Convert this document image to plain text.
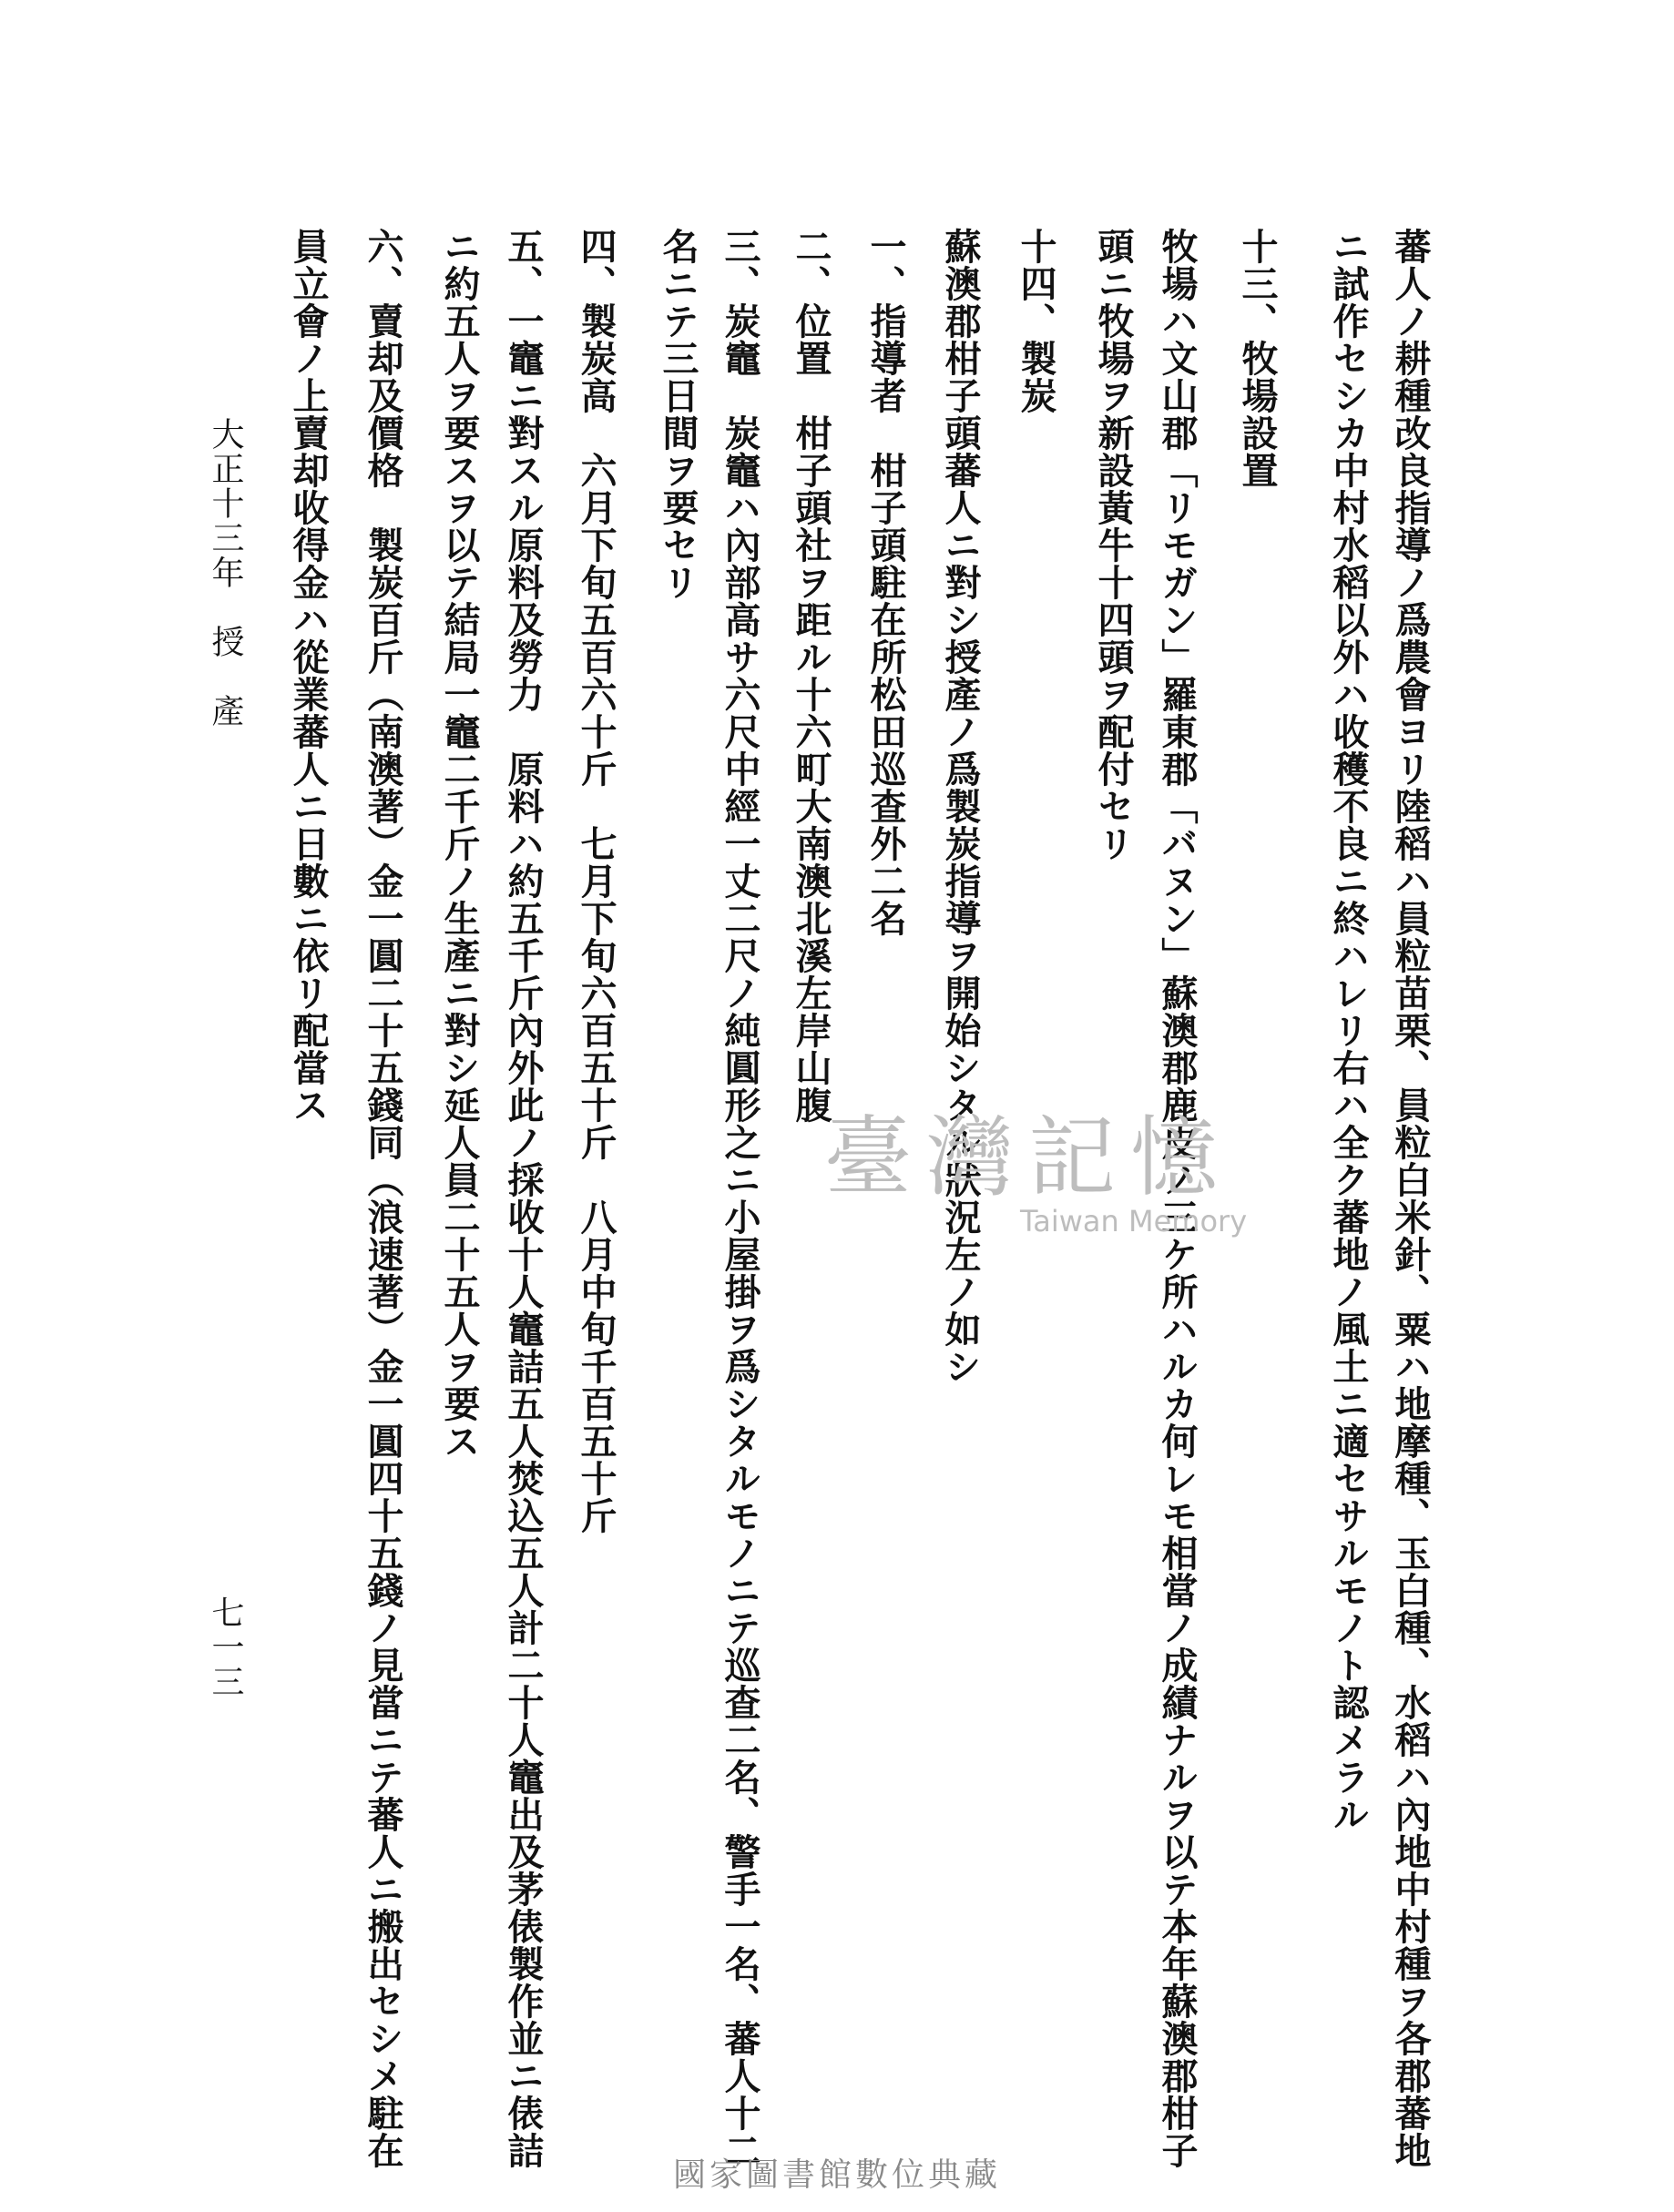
蕃人ノ耕種改良指導ノ爲農會ヨリ陸稻ハ員粒苗栗、員粒白米針、粟ハ地摩種、玉白種、水稻ハ內地中村種ヲ各郡蕃地
ニ試作セシカ中村水稻以外ハ收穫不良ニ終ハレリ右ハ全ク蕃地ノ風土ニ適セサルモノト認メラル
十三、牧場設置
牧場ハ文山郡「リモガン」羅東郡「バヌン」蘇澳郡鹿皮ノ三ケ所ハルカ何レモ相當ノ成績ナルヲ以テ本年蘇澳郡柑子
頭ニ牧場ヲ新設黃牛十四頭ヲ配付セリ
十四、製炭
蘇澳郡柑子頭蕃人ニ對シ授產ノ爲製炭指導ヲ開始シタル狀況左ノ如シ
一、指導者　柑子頭駐在所松田巡查外二名
二、位置　柑子頭社ヲ距ル十六町大南澳北溪左岸山腹
三、炭竈　炭竈ハ內部高サ六尺中經一丈二尺ノ純圓形之ニ小屋掛ヲ爲シタルモノニテ巡查二名、警手一名、蕃人十二
名ニテ三日間ヲ要セリ
四、製炭高　六月下旬五百六十斤　七月下旬六百五十斤　八月中旬千百五十斤
五、一竈ニ對スル原料及勞力　原料ハ約五千斤內外此ノ採收十人竈詰五人焚込五人計二十人竈出及茅俵製作並ニ俵詰
ニ約五人ヲ要スヲ以テ結局一竈二千斤ノ生產ニ對シ延人員二十五人ヲ要ス
六、賣却及價格　製炭百斤（南澳著）金一圓二十五錢同（浪速著）金一圓四十五錢ノ見當ニテ蕃人ニ搬出セシメ駐在
員立會ノ上賣却收得金ハ從業蕃人ニ日數ニ依リ配當ス
大正十三年　授　產
七一三
臺灣記憶
Taiwan Memory
國家圖書館數位典藏
